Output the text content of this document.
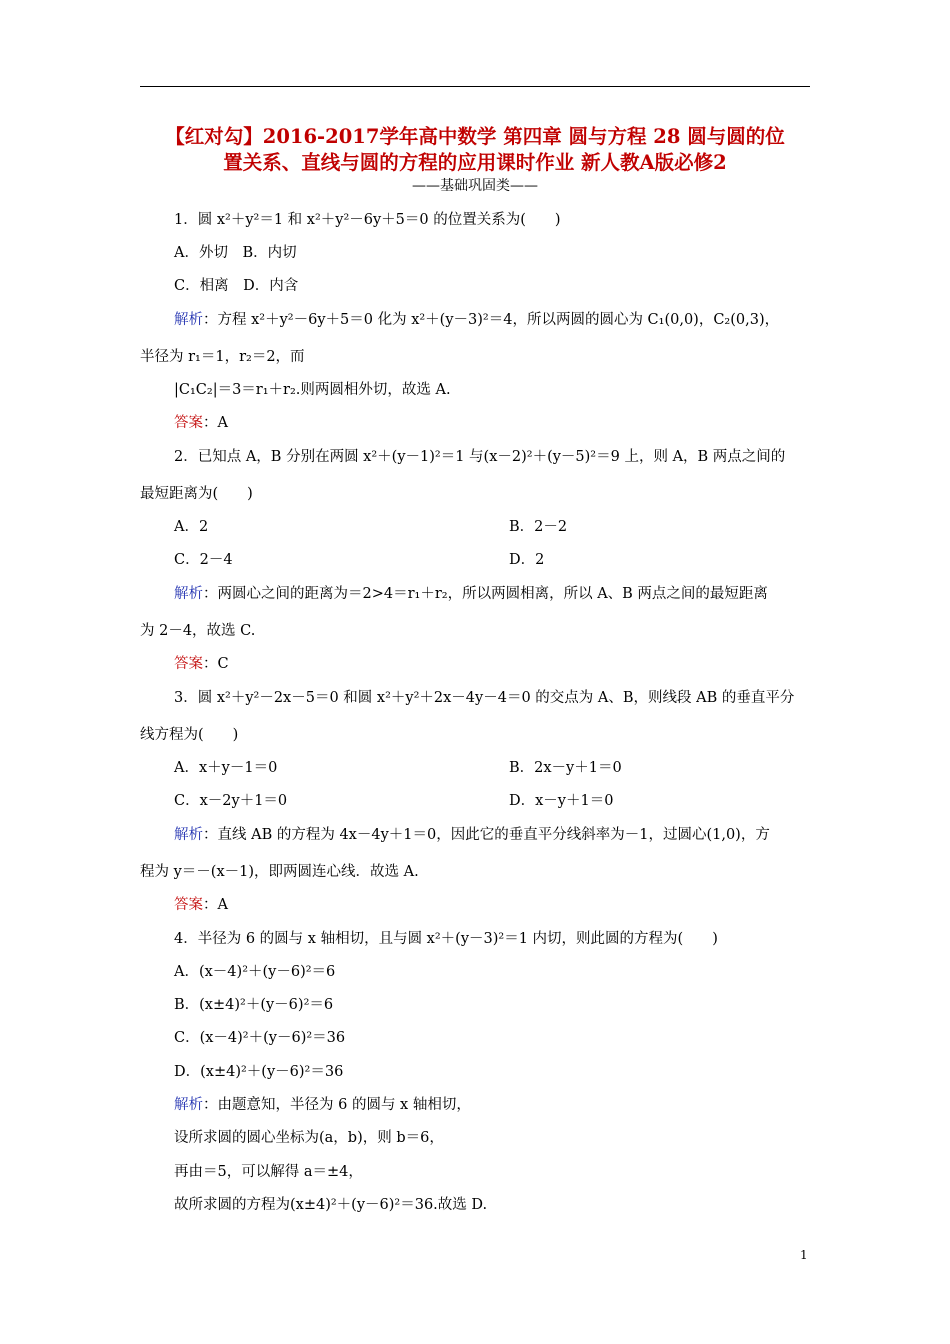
【红对勾】2016-2017学年高中数学 第四章 圆与方程 28 圆与圆的位
置关系、直线与圆的方程的应用课时作业 新人教A版必修2
——基础巩固类——
1．圆 x²＋y²＝1 和 x²＋y²－6y＋5＝0 的位置关系为(　　)
A．外切　B．内切
C．相离　D．内含
解析：方程 x²＋y²－6y＋5＝0 化为 x²＋(y－3)²＝4，所以两圆的圆心为 C₁(0,0)，C₂(0,3)，
半径为 r₁＝1，r₂＝2，而
|C₁C₂|＝3＝r₁＋r₂.则两圆相外切，故选 A.
答案：A
2．已知点 A，B 分别在两圆 x²＋(y－1)²＝1 与(x－2)²＋(y－5)²＝9 上，则 A，B 两点之间的
最短距离为(　　)
A．2	B．2－2
C．2－4	D．2
解析：两圆心之间的距离为＝2>4＝r₁＋r₂，所以两圆相离，所以 A、B 两点之间的最短距离
为 2－4，故选 C.
答案：C
3．圆 x²＋y²－2x－5＝0 和圆 x²＋y²＋2x－4y－4＝0 的交点为 A、B，则线段 AB 的垂直平分
线方程为(　　)
A．x＋y－1＝0	B．2x－y＋1＝0
C．x－2y＋1＝0	D．x－y＋1＝0
解析：直线 AB 的方程为 4x－4y＋1＝0，因此它的垂直平分线斜率为－1，过圆心(1,0)，方
程为 y＝－(x－1)，即两圆连心线．故选 A.
答案：A
4．半径为 6 的圆与 x 轴相切，且与圆 x²＋(y－3)²＝1 内切，则此圆的方程为(　　)
A．(x－4)²＋(y－6)²＝6
B．(x±4)²＋(y－6)²＝6
C．(x－4)²＋(y－6)²＝36
D．(x±4)²＋(y－6)²＝36
解析：由题意知，半径为 6 的圆与 x 轴相切，
设所求圆的圆心坐标为(a，b)，则 b＝6，
再由＝5，可以解得 a＝±4，
故所求圆的方程为(x±4)²＋(y－6)²＝36.故选 D.
1
